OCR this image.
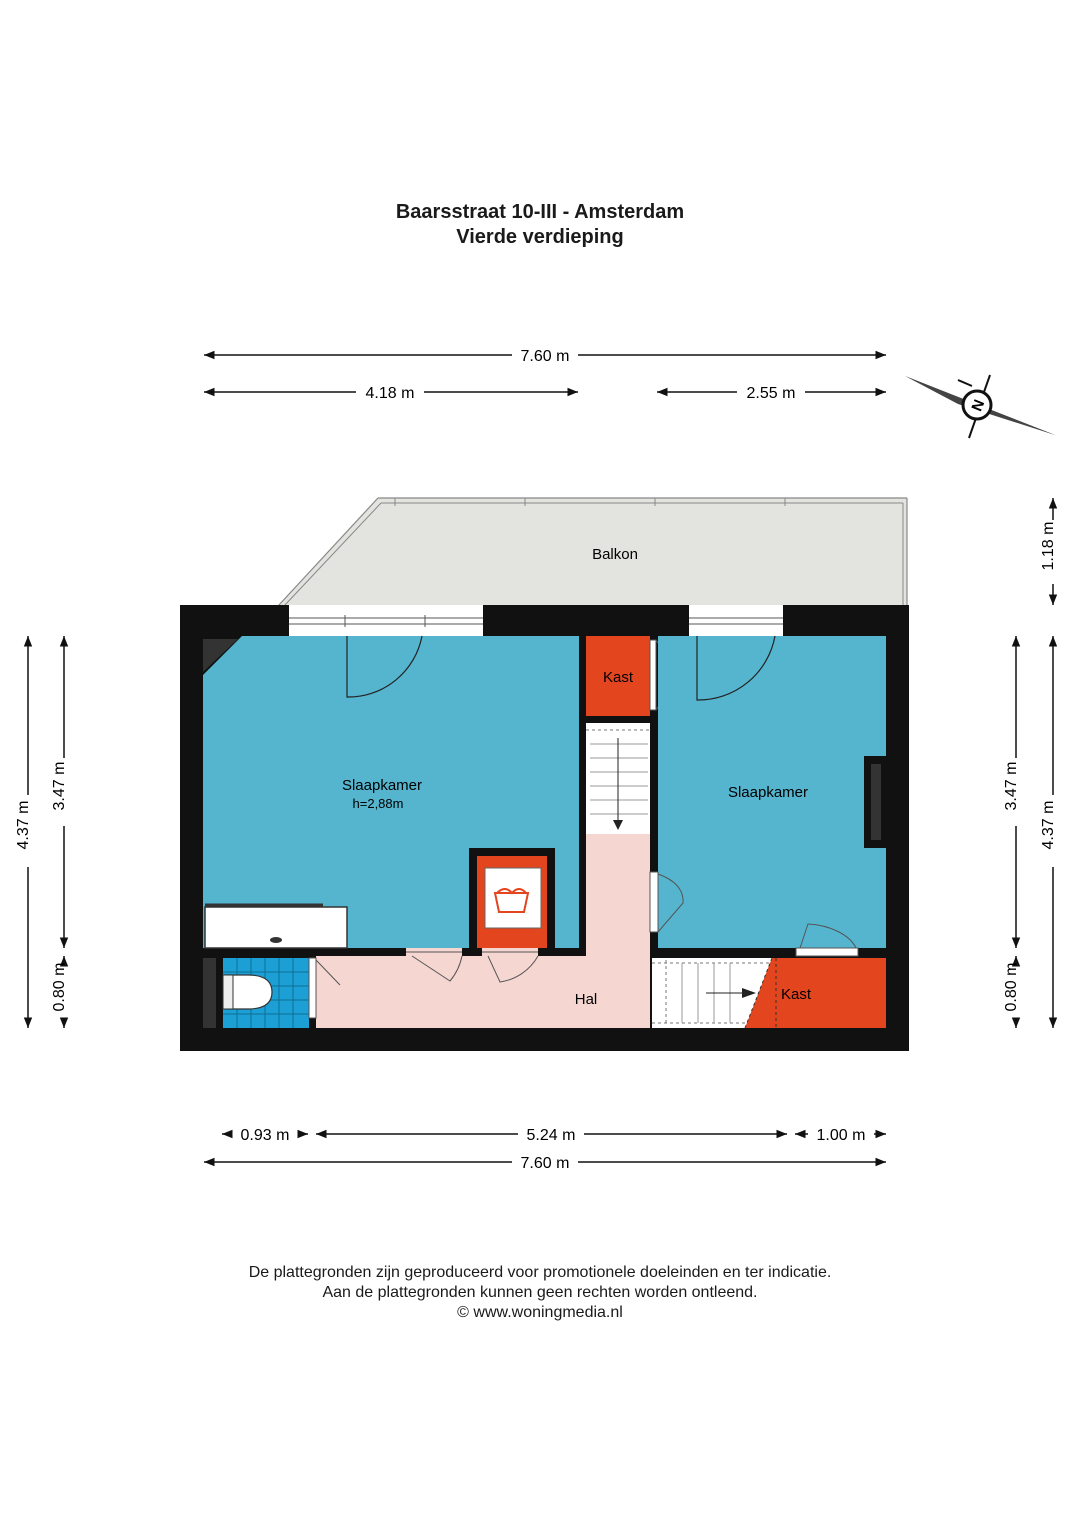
Baarsstraat 10-III - Amsterdam
Vierde verdieping
7.60 m
4.18 m	2.55 m
N
Balkon
Slaapkamer
h=2,88m
Kast
Hal
Slaapkamer
Kast
0.93 m	5.24 m	1.00 m
7.60 m
4.37 m
3.47 m
0.80 m
3.47 m
0.80 m
4.37 m
1.18 m
De plattegronden zijn geproduceerd voor promotionele doeleinden en ter indicatie.
Aan de plattegronden kunnen geen rechten worden ontleend.
© www.woningmedia.nl
